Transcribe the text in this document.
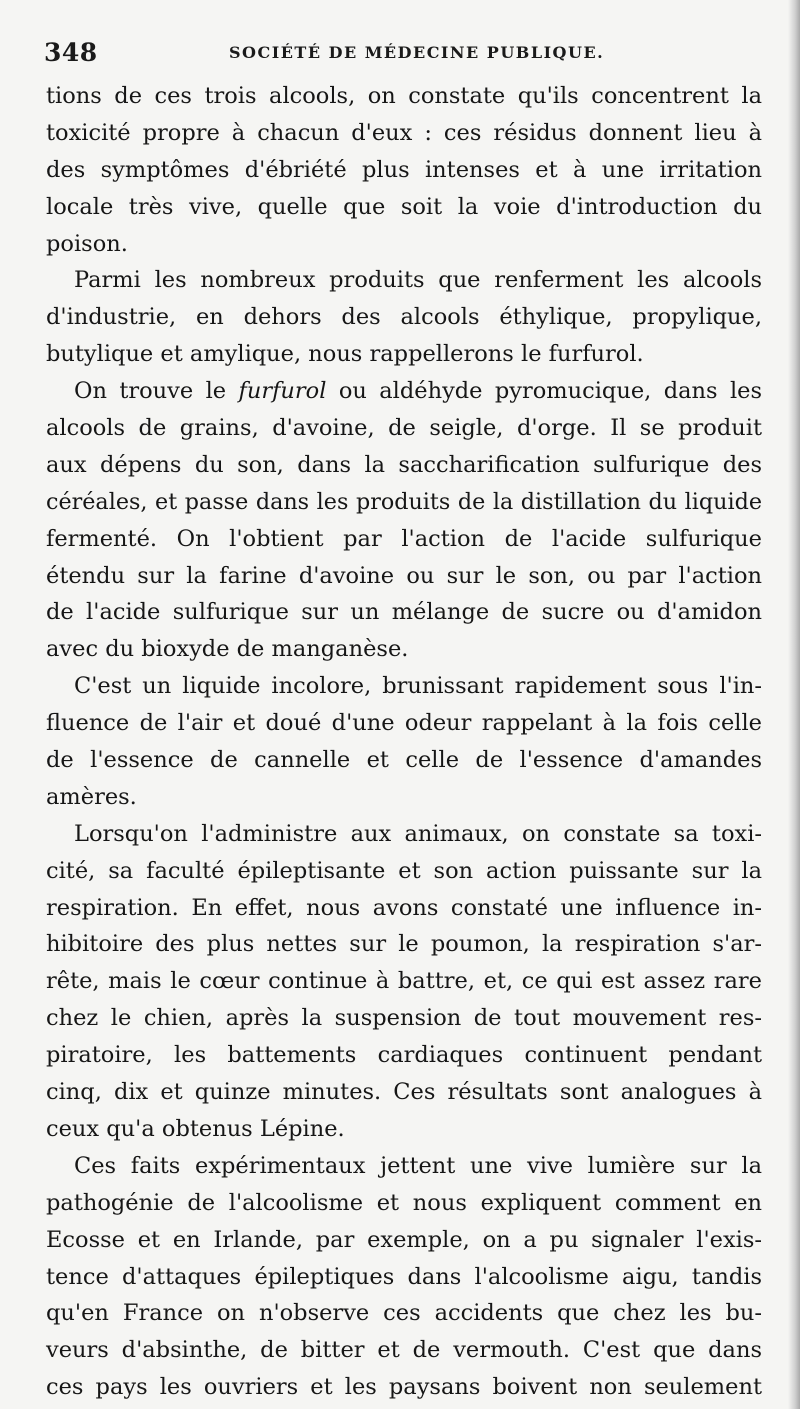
348	SOCIÉTÉ DE MÉDECINE PUBLIQUE.
tions de ces trois alcools, on constate qu'ils concentrent la
toxicité propre à chacun d'eux : ces résidus donnent lieu à
des symptômes d'ébriété plus intenses et à une irritation
locale très vive, quelle que soit la voie d'introduction du
poison.
Parmi les nombreux produits que renferment les alcools
d'industrie, en dehors des alcools éthylique, propylique,
butylique et amylique, nous rappellerons le furfurol.
On trouve le furfurol ou aldéhyde pyromucique, dans les
alcools de grains, d'avoine, de seigle, d'orge. Il se produit
aux dépens du son, dans la saccharification sulfurique des
céréales, et passe dans les produits de la distillation du liquide
fermenté. On l'obtient par l'action de l'acide sulfurique
étendu sur la farine d'avoine ou sur le son, ou par l'action
de l'acide sulfurique sur un mélange de sucre ou d'amidon
avec du bioxyde de manganèse.
C'est un liquide incolore, brunissant rapidement sous l'in-
fluence de l'air et doué d'une odeur rappelant à la fois celle
de l'essence de cannelle et celle de l'essence d'amandes
amères.
Lorsqu'on l'administre aux animaux, on constate sa toxi-
cité, sa faculté épileptisante et son action puissante sur la
respiration. En effet, nous avons constaté une influence in-
hibitoire des plus nettes sur le poumon, la respiration s'ar-
rête, mais le cœur continue à battre, et, ce qui est assez rare
chez le chien, après la suspension de tout mouvement res-
piratoire, les battements cardiaques continuent pendant
cinq, dix et quinze minutes. Ces résultats sont analogues à
ceux qu'a obtenus Lépine.
Ces faits expérimentaux jettent une vive lumière sur la
pathogénie de l'alcoolisme et nous expliquent comment en
Ecosse et en Irlande, par exemple, on a pu signaler l'exis-
tence d'attaques épileptiques dans l'alcoolisme aigu, tandis
qu'en France on n'observe ces accidents que chez les bu-
veurs d'absinthe, de bitter et de vermouth. C'est que dans
ces pays les ouvriers et les paysans boivent non seulement
